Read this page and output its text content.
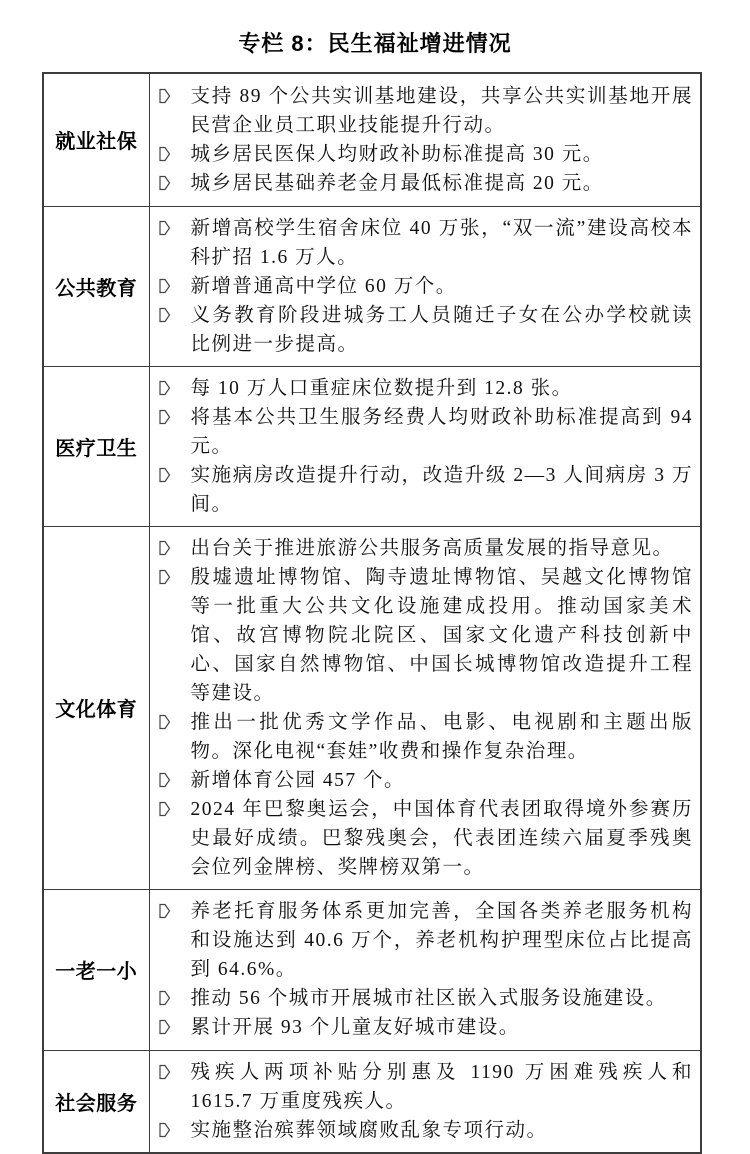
专栏 8：民生福祉增进情况
就业社保	支持 89 个公共实训基地建设，共享公共实训基地开展民营企业员工职业技能提升行动。
城乡居民医保人均财政补助标准提高 30 元。
城乡居民基础养老金月最低标准提高 20 元。

公共教育	新增高校学生宿舍床位 40 万张，“双一流”建设高校本科扩招 1.6 万人。
新增普通高中学位 60 万个。
义务教育阶段进城务工人员随迁子女在公办学校就读比例进一步提高。

医疗卫生	每 10 万人口重症床位数提升到 12.8 张。
将基本公共卫生服务经费人均财政补助标准提高到 94 元。
实施病房改造提升行动，改造升级 2—3 人间病房 3 万间。

文化体育	出台关于推进旅游公共服务高质量发展的指导意见。
殷墟遗址博物馆、陶寺遗址博物馆、吴越文化博物馆等一批重大公共文化设施建成投用。推动国家美术馆、故宫博物院北院区、国家文化遗产科技创新中心、国家自然博物馆、中国长城博物馆改造提升工程等建设。
推出一批优秀文学作品、电影、电视剧和主题出版物。深化电视“套娃”收费和操作复杂治理。
新增体育公园 457 个。
2024 年巴黎奥运会，中国体育代表团取得境外参赛历史最好成绩。巴黎残奥会，代表团连续六届夏季残奥会位列金牌榜、奖牌榜双第一。

一老一小	养老托育服务体系更加完善，全国各类养老服务机构和设施达到 40.6 万个，养老机构护理型床位占比提高到 64.6%。
推动 56 个城市开展城市社区嵌入式服务设施建设。
累计开展 93 个儿童友好城市建设。

社会服务	残疾人两项补贴分别惠及 1190 万困难残疾人和 1615.7 万重度残疾人。
实施整治殡葬领域腐败乱象专项行动。
